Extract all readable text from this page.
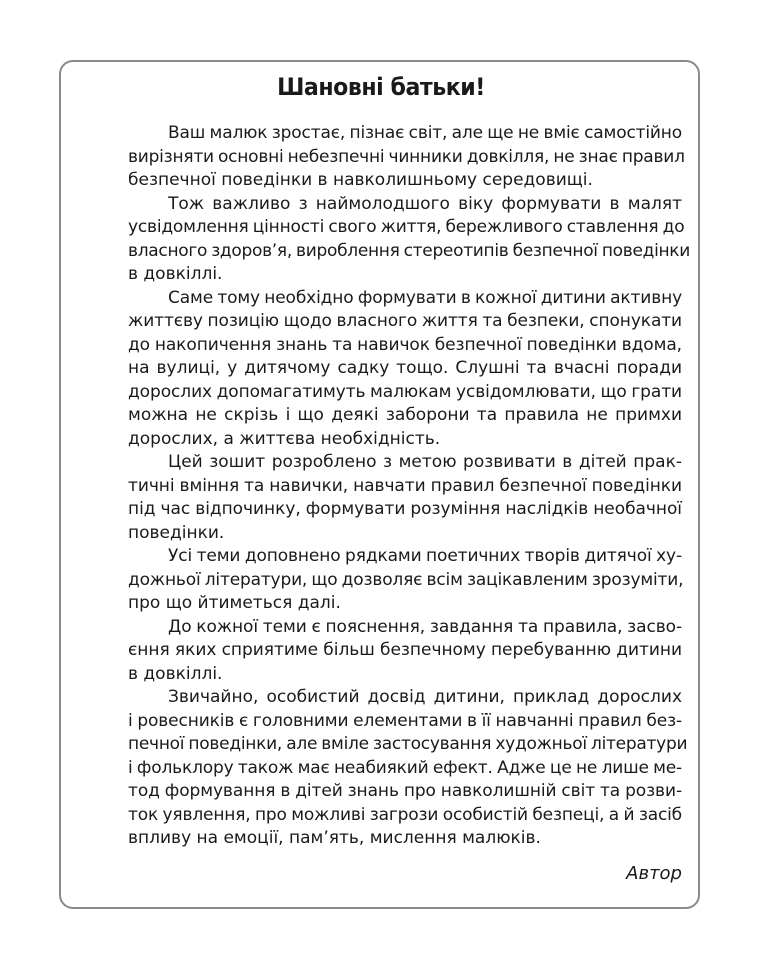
Шановні батьки!
Ваш малюк зростає, пізнає світ, але ще не вміє самостійно
вирізняти основні небезпечні чинники довкілля, не знає правил
безпечної поведінки в навколишньому середовищі.
Тож важливо з наймолодшого віку формувати в малят
усвідомлення цінності свого життя, бережливого ставлення до
власного здоров’я, вироблення стереотипів безпечної поведінки
в довкіллі.
Саме тому необхідно формувати в кожної дитини активну
життєву позицію щодо власного життя та безпеки, спонукати
до накопичення знань та навичок безпечної поведінки вдома,
на вулиці, у дитячому садку тощо. Слушні та вчасні поради
дорослих допомагатимуть малюкам усвідомлювати, що грати
можна не скрізь і що деякі заборони та правила не примхи
дорослих, а життєва необхідність.
Цей зошит розроблено з метою розвивати в дітей прак-
тичні вміння та навички, навчати правил безпечної поведінки
під час відпочинку, формувати розуміння наслідків необачної
поведінки.
Усі теми доповнено рядками поетичних творів дитячої ху-
дожньої літератури, що дозволяє всім зацікавленим зрозуміти,
про що йтиметься далі.
До кожної теми є пояснення, завдання та правила, засво-
єння яких сприятиме більш безпечному перебуванню дитини
в довкіллі.
Звичайно, особистий досвід дитини, приклад дорослих
і ровесників є головними елементами в її навчанні правил без-
печної поведінки, але вміле застосування художньої літератури
і фольклору також має неабиякий ефект. Адже це не лише ме-
тод формування в дітей знань про навколишній світ та розви-
ток уявлення, про можливі загрози особистій безпеці, а й засіб
впливу на емоції, пам’ять, мислення малюків.
Автор
